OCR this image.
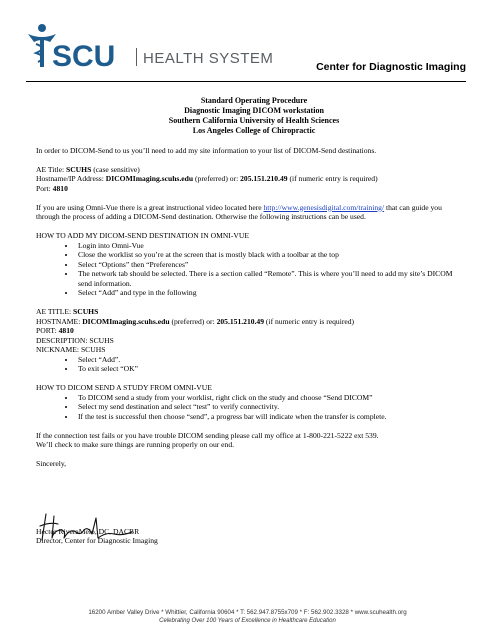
SCU	HEALTH SYSTEM	Center for Diagnostic Imaging
Standard Operating Procedure
Diagnostic Imaging DICOM workstation
Southern California University of Health Sciences
Los Angeles College of Chiropractic

In order to DICOM-Send to us you’ll need to add my site information to your list of DICOM-Send destinations.

AE Title: SCUHS (case sensitive)
Hostname/IP Address: DICOMImaging.scuhs.edu (preferred) or: 205.151.210.49 (if numeric entry is required)
Port: 4810

If you are using Omni-Vue there is a great instructional video located here http://www.genesisdigital.com/training/ that can guide you through the process of adding a DICOM-Send destination. Otherwise the following instructions can be used.

HOW TO ADD MY DICOM-SEND DESTINATION IN OMNI-VUE
• Login into Omni-Vue
• Close the worklist so you’re at the screen that is mostly black with a toolbar at the top
• Select “Options” then “Preferences”
• The network tab should be selected. There is a section called “Remote”. This is where you’ll need to add my site’s DICOM send information.
• Select “Add” and type in the following
AE TITLE: SCUHS
HOSTNAME: DICOMImaging.scuhs.edu (preferred) or: 205.151.210.49 (if numeric entry is required)
PORT: 4810
DESCRIPTION: SCUHS
NICKNAME: SCUHS
• Select “Add”.
• To exit select “OK”
HOW TO DICOM SEND A STUDY FROM OMNI-VUE
• To DICOM send a study from your worklist, right click on the study and choose “Send DICOM”
• Select my send destination and select “test” to verify connectivity.
• If the test is successful then choose “send”, a progress bar will indicate when the transfer is complete.

If the connection test fails or you have trouble DICOM sending please call my office at 1-800-221-5222 ext 539.

We’ll check to make sure things are running properly on our end.

Sincerely,

Hector RiveraMelo, DC, DACBR

Director, Center for Diagnostic Imaging

16200 Amber Valley Drive * Whittier, California 90604 * T: 562.947.8755x709 * F: 562.902.3328 * www.scuhealth.org
Celebrating Over 100 Years of Excellence in Healthcare Education
